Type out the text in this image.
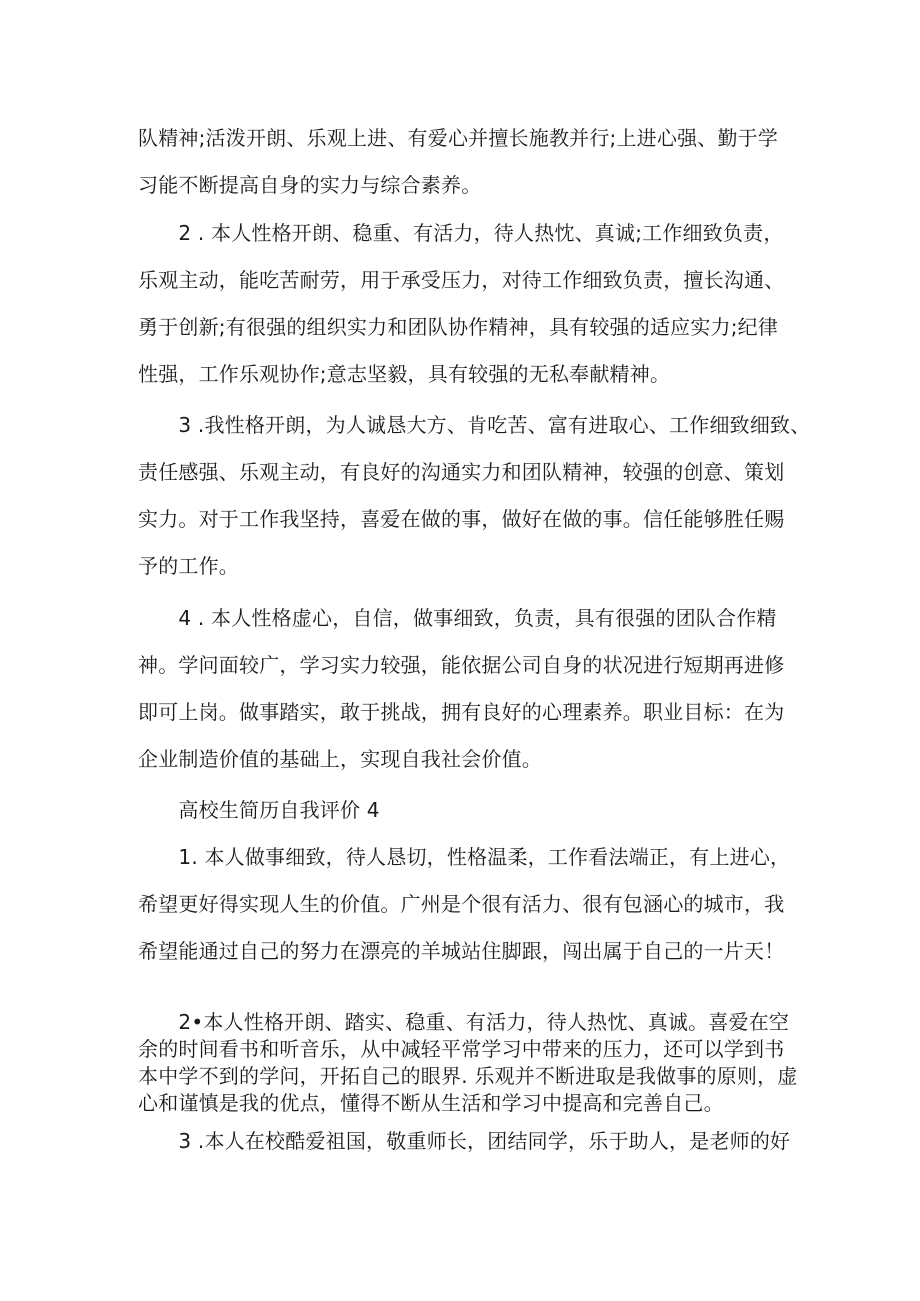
队精神;活泼开朗、乐观上进、有爱心并擅长施教并行;上进心强、勤于学
习能不断提高自身的实力与综合素养。

　　2 . 本人性格开朗、稳重、有活力，待人热忱、真诚;工作细致负责，
乐观主动，能吃苦耐劳，用于承受压力，对待工作细致负责，擅长沟通、
勇于创新;有很强的组织实力和团队协作精神，具有较强的适应实力;纪律
性强，工作乐观协作;意志坚毅，具有较强的无私奉献精神。

　　3 .我性格开朗，为人诚恳大方、肯吃苦、富有进取心、工作细致细致、
责任感强、乐观主动，有良好的沟通实力和团队精神，较强的创意、策划
实力。对于工作我坚持，喜爱在做的事，做好在做的事。信任能够胜任赐
予的工作。

　　4 . 本人性格虚心，自信，做事细致，负责，具有很强的团队合作精
神。学问面较广，学习实力较强，能依据公司自身的状况进行短期再进修
即可上岗。做事踏实，敢于挑战，拥有良好的心理素养。职业目标：在为
企业制造价值的基础上，实现自我社会价值。

　　高校生简历自我评价 4

　　1. 本人做事细致，待人恳切，性格温柔，工作看法端正，有上进心，
希望更好得实现人生的价值。广州是个很有活力、很有包涵心的城市，我
希望能通过自己的努力在漂亮的羊城站住脚跟，闯出属于自己的一片天！

　　2•本人性格开朗、踏实、稳重、有活力，待人热忱、真诚。喜爱在空
余的时间看书和听音乐，从中减轻平常学习中带来的压力，还可以学到书
本中学不到的学问，开拓自己的眼界. 乐观并不断进取是我做事的原则，虚
心和谨慎是我的优点，懂得不断从生活和学习中提高和完善自己。

　　3 .本人在校酷爱祖国，敬重师长，团结同学，乐于助人，是老师的好
